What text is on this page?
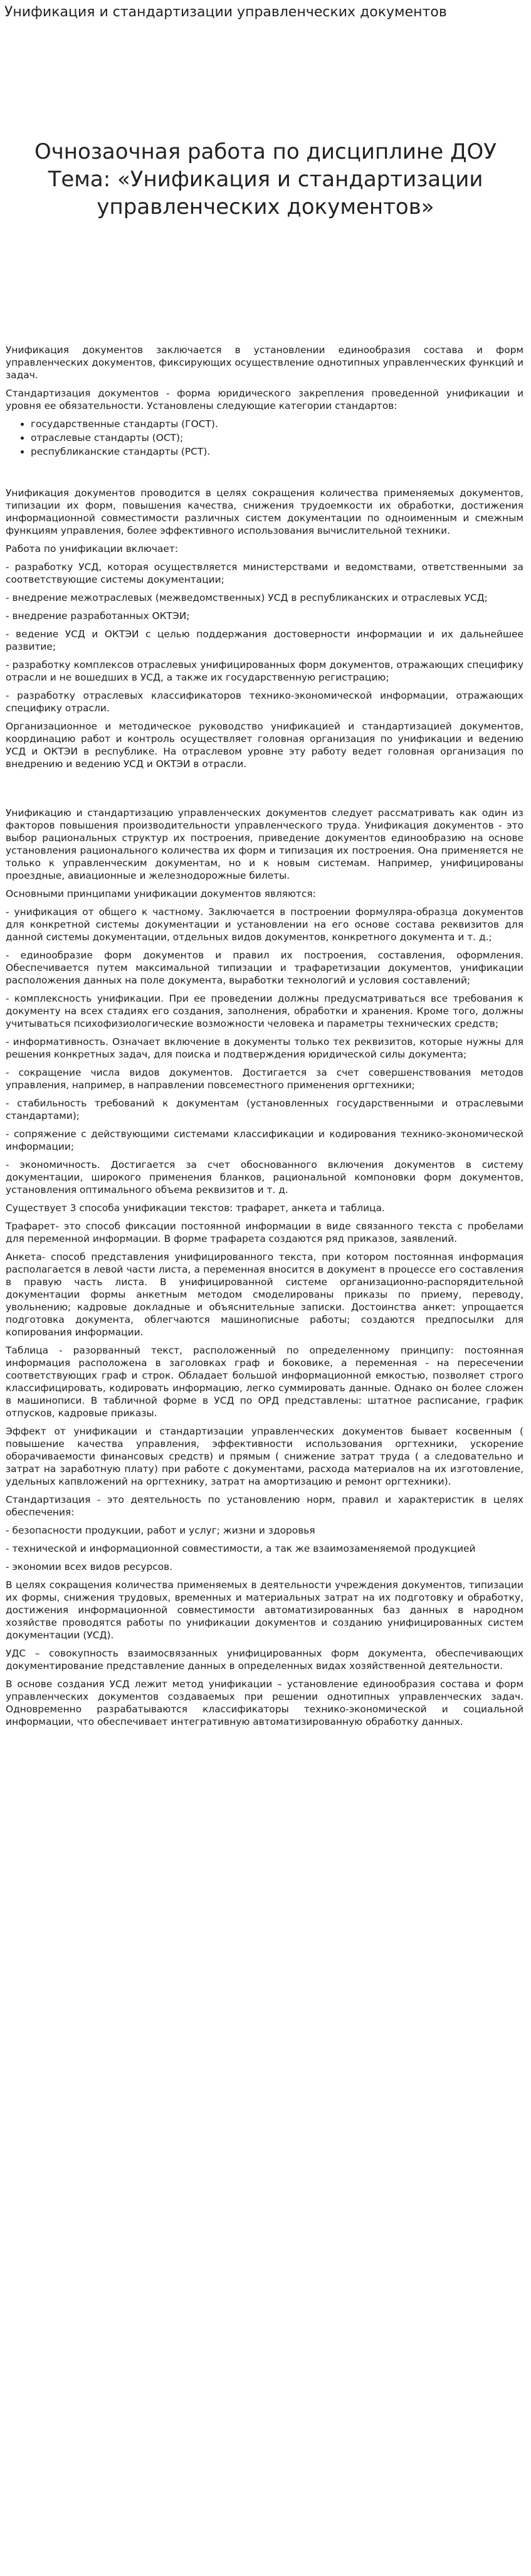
Унификация и стандартизации управленческих документов
Очнозаочная работа по дисциплине ДОУ
Тема: «Унификация и стандартизации
управленческих документов»

Унификация документов заключается в установлении единообразия состава и форм управленческих документов, фиксирующих осуществление однотипных управленческих функций и задач.

Стандартизация документов - форма юридического закрепления проведенной унификации и уровня ее обязательности. Установлены следующие категории стандартов:

• государственные стандарты (ГОСТ).
• отраслевые стандарты (ОСТ);
• республиканские стандарты (РСТ).

Унификация документов проводится в целях сокращения количества применяемых документов, типизации их форм, повышения качества, снижения трудоемкости их обработки, достижения информационной совместимости различных систем документации по одноименным и смежным функциям управления, более эффективного использования вычислительной техники.

Работа по унификации включает:

- разработку УСД, которая осуществляется министерствами и ведомствами, ответственными за соответствующие системы документации;

- внедрение межотраслевых (межведомственных) УСД в республиканских и отраслевых УСД;

- внедрение разработанных ОКТЭИ;

- ведение УСД и ОКТЭИ с целью поддержания достоверности информации и их дальнейшее развитие;

- разработку комплексов отраслевых унифицированных форм документов, отражающих специфику отрасли и не вошедших в УСД, а также их государственную регистрацию;

- разработку отраслевых классификаторов технико-экономической информации, отражающих специфику отрасли.

Организационное и методическое руководство унификацией и стандартизацией документов, координацию работ и контроль осуществляет головная организация по унификации и ведению УСД и ОКТЭИ в республике. На отраслевом уровне эту работу ведет головная организация по внедрению и ведению УСД и ОКТЭИ в отрасли.

Унификацию и стандартизацию управленческих документов следует рассматривать как один из факторов повышения производительности управленческого труда. Унификация документов - это выбор рациональных структур их построения, приведение документов единообразию на основе установления рационального количества их форм и типизация их построения. Она применяется не только к управленческим документам, но и к новым системам. Например, унифицированы проездные, авиационные и железнодорожные билеты.

Основными принципами унификации документов являются:

- унификация от общего к частному. Заключается в построении формуляра-образца документов для конкретной системы документации и установлении на его основе состава реквизитов для данной системы документации, отдельных видов документов, конкретного документа и т. д.;

- единообразие форм документов и правил их построения, составления, оформления. Обеспечивается путем максимальной типизации и трафаретизации документов, унификации расположения данных на поле документа, выработки технологий и условия составлений;

- комплексность унификации. При ее проведении должны предусматриваться все требования к документу на всех стадиях его создания, заполнения, обработки и хранения. Кроме того, должны учитываться психофизиологические возможности человека и параметры технических средств;

- информативность. Означает включение в документы только тех реквизитов, которые нужны для решения конкретных задач, для поиска и подтверждения юридической силы документа;

- сокращение числа видов документов. Достигается за счет совершенствования методов управления, например, в направлении повсеместного применения оргтехники;

- стабильность требований к документам (установленных государственными и отраслевыми стандартами);

- сопряжение с действующими системами классификации и кодирования технико-экономической информации;

- экономичность. Достигается за счет обоснованного включения документов в систему документации, широкого применения бланков, рациональной компоновки форм документов, установления оптимального объема реквизитов и т. д.

Существует 3 способа унификации текстов: трафарет, анкета и таблица.

Трафарет- это способ фиксации постоянной информации в виде связанного текста с пробелами для переменной информации. В форме трафарета создаются ряд приказов, заявлений.

Анкета- способ представления унифицированного текста, при котором постоянная информация располагается в левой части листа, а переменная вносится в документ в процессе его составления в правую часть листа. В унифицированной системе организационно-распорядительной документации формы анкетным методом смоделированы приказы по приему, переводу, увольнению; кадровые докладные и объяснительные записки. Достоинства анкет: упрощается подготовка документа, облегчаются машинописные работы; создаются предпосылки для копирования информации.

Таблица - разорванный текст, расположенный по определенному принципу: постоянная информация расположена в заголовках граф и боковике, а переменная - на пересечении соответствующих граф и строк. Обладает большой информационной емкостью, позволяет строго классифицировать, кодировать информацию, легко суммировать данные. Однако он более сложен в машинописи. В табличной форме в УСД по ОРД представлены: штатное расписание, график отпусков, кадровые приказы.

Эффект от унификации и стандартизации управленческих документов бывает косвенным ( повышение качества управления, эффективности использования оргтехники, ускорение оборачиваемости финансовых средств) и прямым ( снижение затрат труда ( а следовательно и затрат на заработную плату) при работе с документами, расхода материалов на их изготовление, удельных капвложений на оргтехнику, затрат на амортизацию и ремонт оргтехники).

Стандартизация - это деятельность по установлению норм, правил и характеристик в целях обеспечения:

- безопасности продукции, работ и услуг; жизни и здоровья

- технической и информационной совместимости, а так же взаимозаменяемой продукцией

- экономии всех видов ресурсов.

В целях сокращения количества применяемых в деятельности учреждения документов, типизации их формы, снижения трудовых, временных и материальных затрат на их подготовку и обработку, достижения информационной совместимости автоматизированных баз данных в народном хозяйстве проводятся работы по унификации документов и созданию унифицированных систем документации (УСД).

УДС – совокупность взаимосвязанных унифицированных форм документа, обеспечивающих документирование представление данных в определенных видах хозяйственной деятельности.

В основе создания УСД лежит метод унификации – установление единообразия состава и форм управленческих документов создаваемых при решении однотипных управленческих задач. Одновременно разрабатываются классификаторы технико-экономической и социальной информации, что обеспечивает интегративную автоматизированную обработку данных.
